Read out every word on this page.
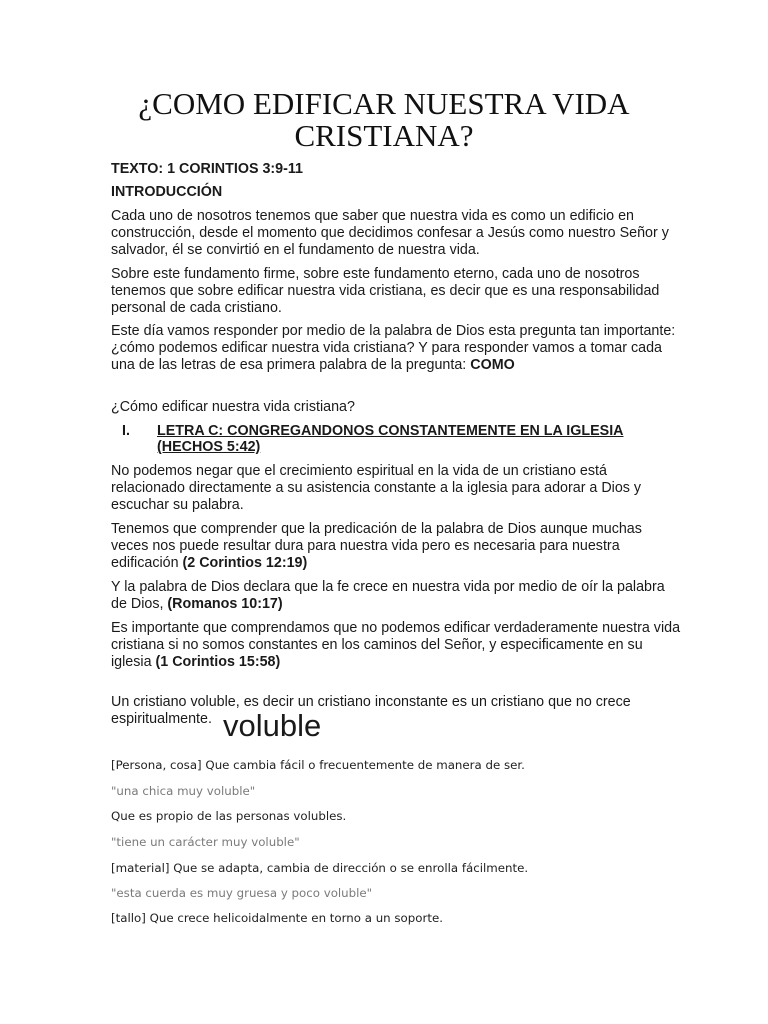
¿COMO EDIFICAR NUESTRA VIDA CRISTIANA?

TEXTO: 1 CORINTIOS 3:9-11

INTRODUCCIÓN

Cada uno de nosotros tenemos que saber que nuestra vida es como un edificio en construcción, desde el momento que decidimos confesar a Jesús como nuestro Señor y salvador, él se convirtió en el fundamento de nuestra vida.

Sobre este fundamento firme, sobre este fundamento eterno, cada uno de nosotros tenemos que sobre edificar nuestra vida cristiana, es decir que es una responsabilidad personal de cada cristiano.

Este día vamos responder por medio de la palabra de Dios esta pregunta tan importante: ¿cómo podemos edificar nuestra vida cristiana? Y para responder vamos a tomar cada una de las letras de esa primera palabra de la pregunta: COMO

¿Cómo edificar nuestra vida cristiana?

I. LETRA C: CONGREGANDONOS CONSTANTEMENTE EN LA IGLESIA (HECHOS 5:42)

No podemos negar que el crecimiento espiritual en la vida de un cristiano está relacionado directamente a su asistencia constante a la iglesia para adorar a Dios y escuchar su palabra.

Tenemos que comprender que la predicación de la palabra de Dios aunque muchas veces nos puede resultar dura para nuestra vida pero es necesaria para nuestra edificación (2 Corintios 12:19)

Y la palabra de Dios declara que la fe crece en nuestra vida por medio de oír la palabra de Dios, (Romanos 10:17)

Es importante que comprendamos que no podemos edificar verdaderamente nuestra vida cristiana si no somos constantes en los caminos del Señor, y especificamente en su iglesia (1 Corintios 15:58)

Un cristiano voluble, es decir un cristiano inconstante es un cristiano que no crece espiritualmente. voluble
[Persona, cosa] Que cambia fácil o frecuentemente de manera de ser.
"una chica muy voluble"
Que es propio de las personas volubles.
"tiene un carácter muy voluble"
[material] Que se adapta, cambia de dirección o se enrolla fácilmente.
"esta cuerda es muy gruesa y poco voluble"
[tallo] Que crece helicoidalmente en torno a un soporte.
